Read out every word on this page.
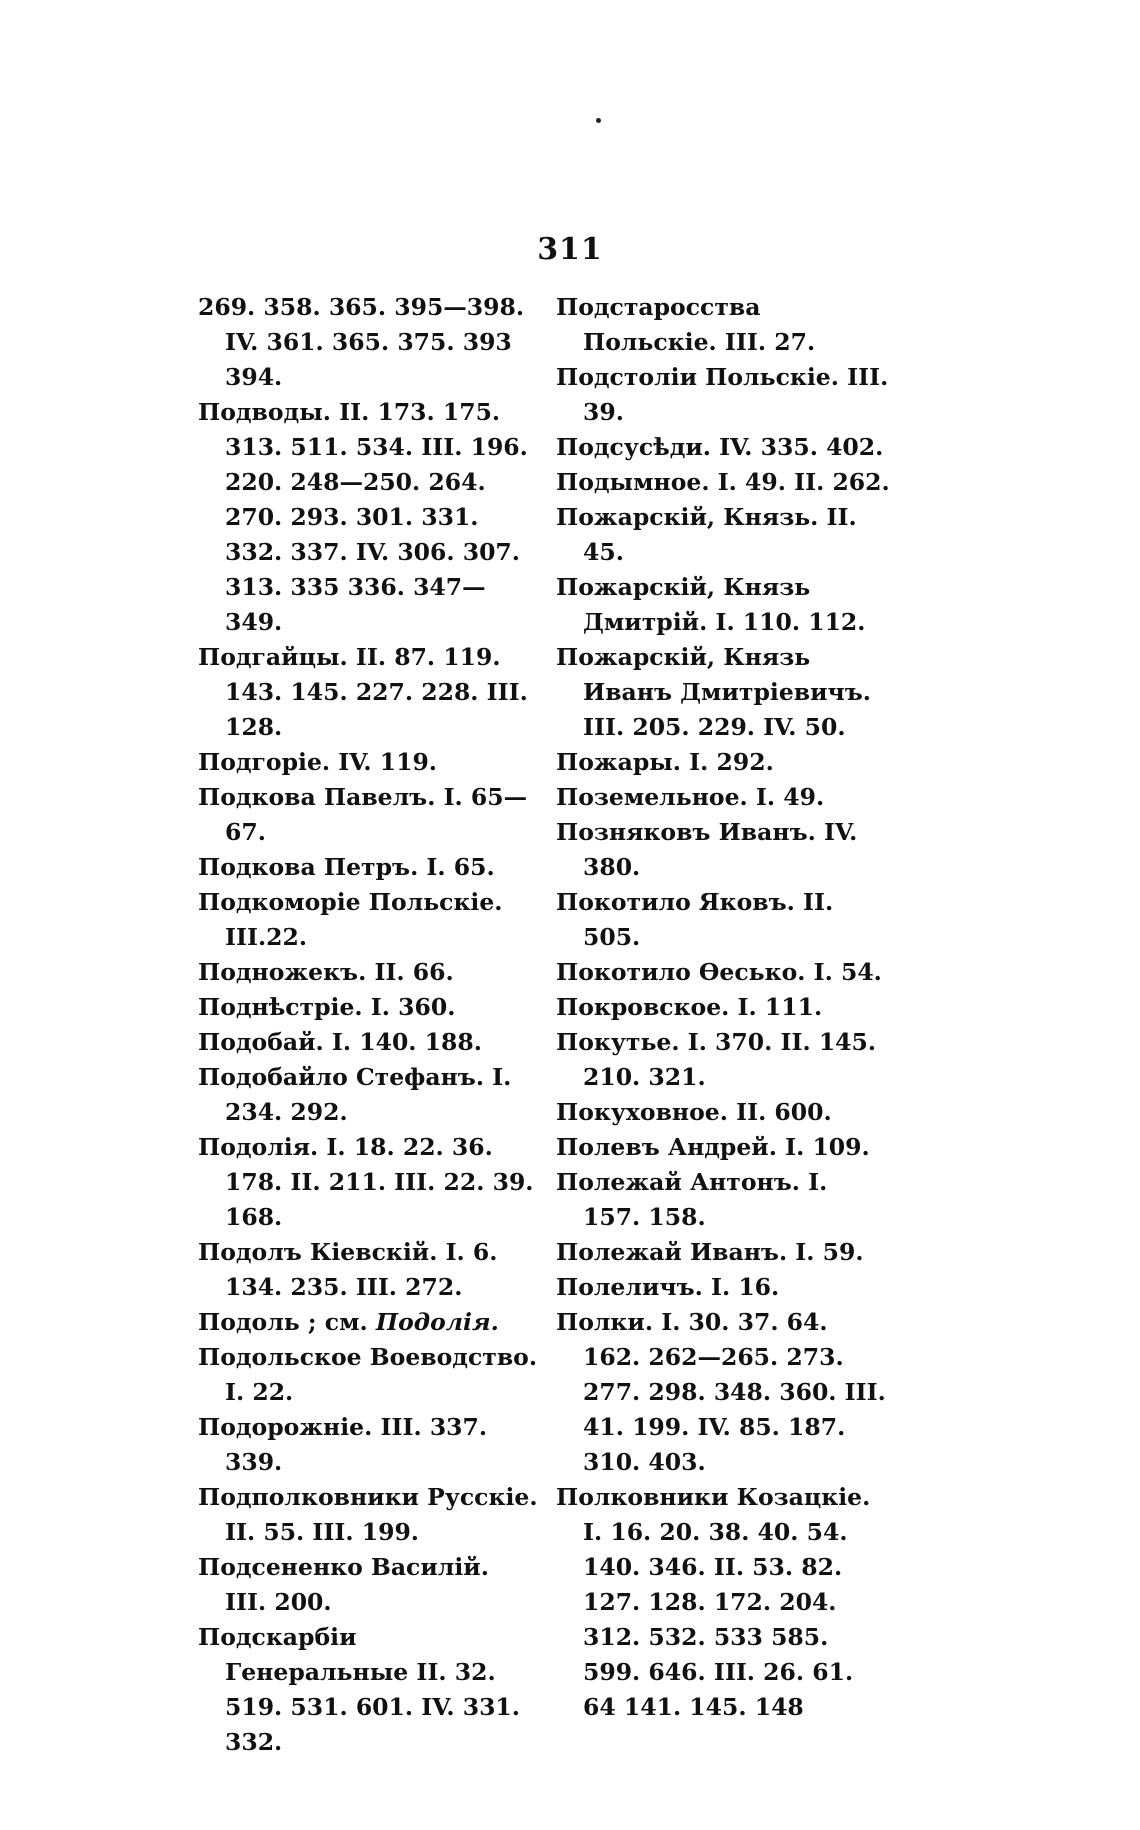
311
269. 358. 365. 395—398. IV. 361. 365. 375. 393 394.
Подводы. II. 173. 175. 313. 511. 534. III. 196. 220. 248—250. 264. 270. 293. 301. 331. 332. 337. IV. 306. 307. 313. 335 336. 347—349.
Подгайцы. II. 87. 119. 143. 145. 227. 228. III. 128.
Подгоріе. IV. 119.
Подкова Павелъ. I. 65—67.
Подкова Петръ. I. 65.
Подкоморіе Польскіе. III.22.
Подножекъ. II. 66.
Поднѣстріе. I. 360.
Подобай. I. 140. 188.
Подобайло Стефанъ. I. 234. 292.
Подолія. I. 18. 22. 36. 178. II. 211. III. 22. 39. 168.
Подолъ Кіевскій. I. 6. 134. 235. III. 272.
Подоль ; см. Подолія.
Подольское Воеводство. I. 22.
Подорожніе. III. 337. 339.
Подполковники Русскіе. II. 55. III. 199.
Подсененко Василій. III. 200.
Подскарбіи Генеральные II. 32. 519. 531. 601. IV. 331. 332.
Подстаросства Польскіе. III. 27.
Подстоліи Польскіе. III. 39.
Подсусѣди. IV. 335. 402.
Подымное. I. 49. II. 262.
Пожарскій, Князь. II. 45.
Пожарскій, Князь Дмитрій. I. 110. 112.
Пожарскій, Князь Иванъ Дмитріевичъ. III. 205. 229. IV. 50.
Пожары. I. 292.
Поземельное. I. 49.
Позняковъ Иванъ. IV. 380.
Покотило Яковъ. II. 505.
Покотило Ѳесько. I. 54.
Покровское. I. 111.
Покутье. I. 370. II. 145. 210. 321.
Покуховное. II. 600.
Полевъ Андрей. I. 109.
Полежай Антонъ. I. 157. 158.
Полежай Иванъ. I. 59.
Полеличъ. I. 16.
Полки. I. 30. 37. 64. 162. 262—265. 273. 277. 298. 348. 360. III. 41. 199. IV. 85. 187. 310. 403.
Полковники Козацкіе. I. 16. 20. 38. 40. 54. 140. 346. II. 53. 82. 127. 128. 172. 204. 312. 532. 533 585. 599. 646. III. 26. 61. 64 141. 145. 148
